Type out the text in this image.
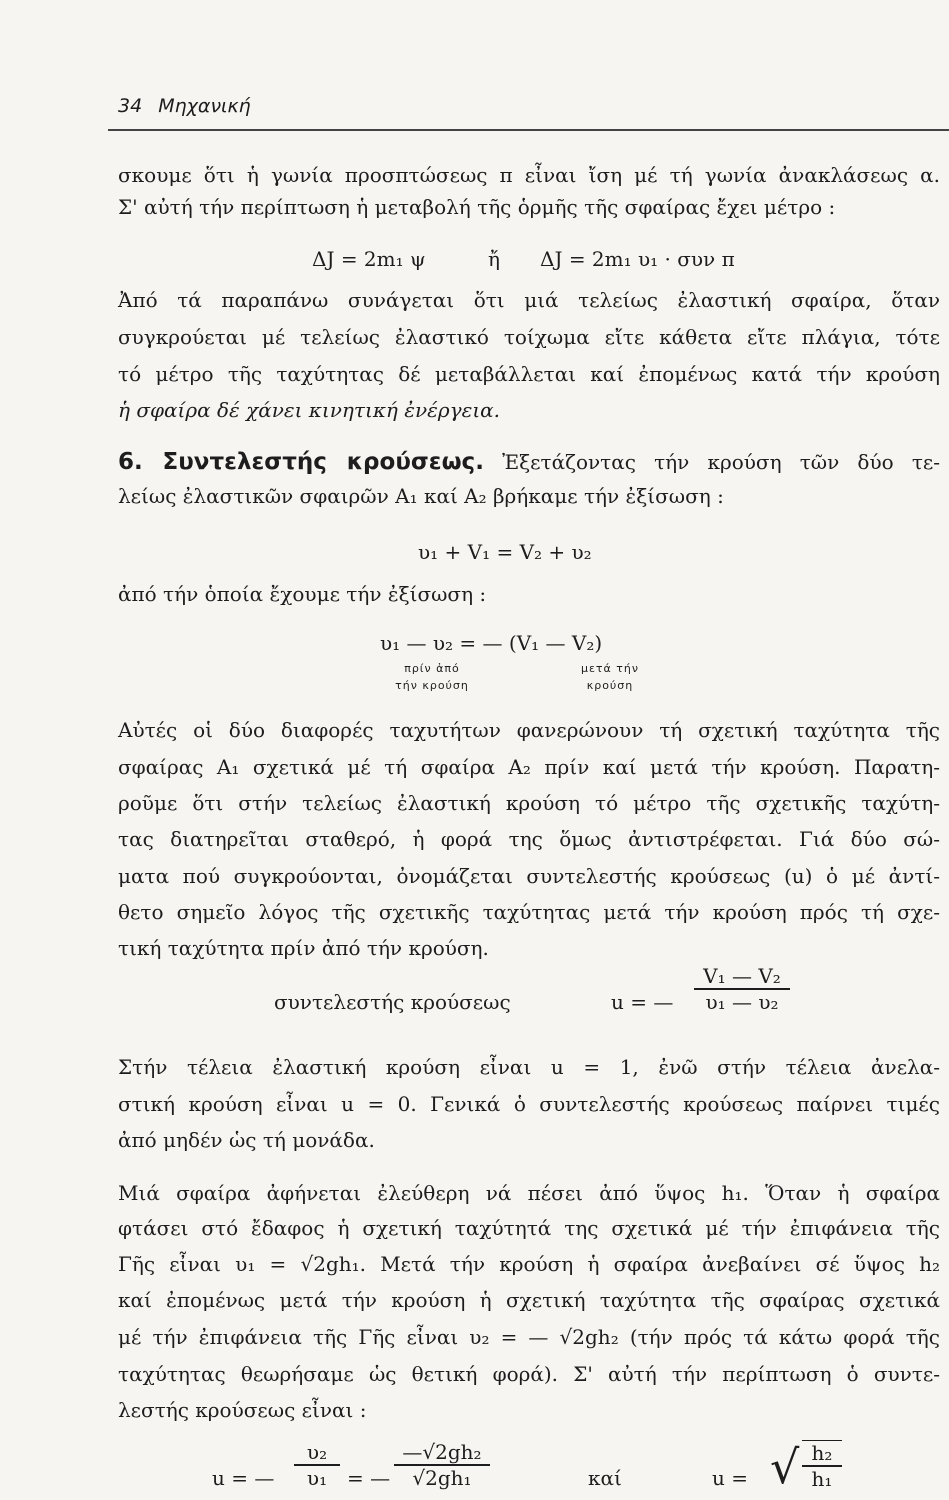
34 Μηχανική
σκουμε ὅτι ἡ γωνία προσπτώσεως π εἶναι ἴση μέ τή γωνία ἀνακλάσεως α.
Σ' αὐτή τήν περίπτωση ἡ μεταβολή τῆς ὁρμῆς τῆς σφαίρας ἔχει μέτρο :
ΔJ = 2m₁ ψ	ἤ ΔJ = 2m₁ υ₁ · συν π
Ἀπό τά παραπάνω συνάγεται ὅτι μιά τελείως ἐλαστική σφαίρα, ὅταν
συγκρούεται μέ τελείως ἐλαστικό τοίχωμα εἴτε κάθετα εἴτε πλάγια, τότε
τό μέτρο τῆς ταχύτητας δέ μεταβάλλεται καί ἐπομένως κατά τήν κρούση
ἡ σφαίρα δέ χάνει κινητική ἐνέργεια.
6. Συντελεστής κρούσεως. Ἐξετάζοντας τήν κρούση τῶν δύο τε-
λείως ἐλαστικῶν σφαιρῶν A₁ καί A₂ βρήκαμε τήν ἐξίσωση :
υ₁ + V₁ = V₂ + υ₂
ἀπό τήν ὁποία ἔχουμε τήν ἐξίσωση :
υ₁ — υ₂ = — (V₁ — V₂)
πρίν ἀπό
τήν κρούση
μετά τήν
κρούση
Αὐτές οἱ δύο διαφορές ταχυτήτων φανερώνουν τή σχετική ταχύτητα τῆς
σφαίρας A₁ σχετικά μέ τή σφαίρα A₂ πρίν καί μετά τήν κρούση. Παρατη-
ροῦμε ὅτι στήν τελείως ἐλαστική κρούση τό μέτρο τῆς σχετικῆς ταχύτη-
τας διατηρεῖται σταθερό, ἡ φορά της ὅμως ἀντιστρέφεται. Γιά δύο σώ-
ματα πού συγκρούονται, ὀνομάζεται συντελεστής κρούσεως (u) ὁ μέ ἀντί-
θετο σημεῖο λόγος τῆς σχετικῆς ταχύτητας μετά τήν κρούση πρός τή σχε-
τική ταχύτητα πρίν ἀπό τήν κρούση.
συντελεστής κρούσεως	u = —
V₁ — V₂
υ₁ — υ₂
Στήν τέλεια ἐλαστική κρούση εἶναι u = 1, ἐνῶ στήν τέλεια ἀνελα-
στική κρούση εἶναι u = 0. Γενικά ὁ συντελεστής κρούσεως παίρνει τιμές
ἀπό μηδέν ὡς τή μονάδα.
Μιά σφαίρα ἀφήνεται ἐλεύθερη νά πέσει ἀπό ὕψος h₁. Ὅταν ἡ σφαίρα
φτάσει στό ἔδαφος ἡ σχετική ταχύτητά της σχετικά μέ τήν ἐπιφάνεια τῆς
Γῆς εἶναι υ₁ = √2gh₁. Μετά τήν κρούση ἡ σφαίρα ἀνεβαίνει σέ ὕψος h₂
καί ἐπομένως μετά τήν κρούση ἡ σχετική ταχύτητα τῆς σφαίρας σχετικά
μέ τήν ἐπιφάνεια τῆς Γῆς εἶναι υ₂ = — √2gh₂ (τήν πρός τά κάτω φορά τῆς
ταχύτητας θεωρήσαμε ὡς θετική φορά). Σ' αὐτή τήν περίπτωση ὁ συντε-
λεστής κρούσεως εἶναι :
u = —
υ₂
υ₁ = —
—√2gh₂
√2gh₁	καί	u = √ h₂
h₁
